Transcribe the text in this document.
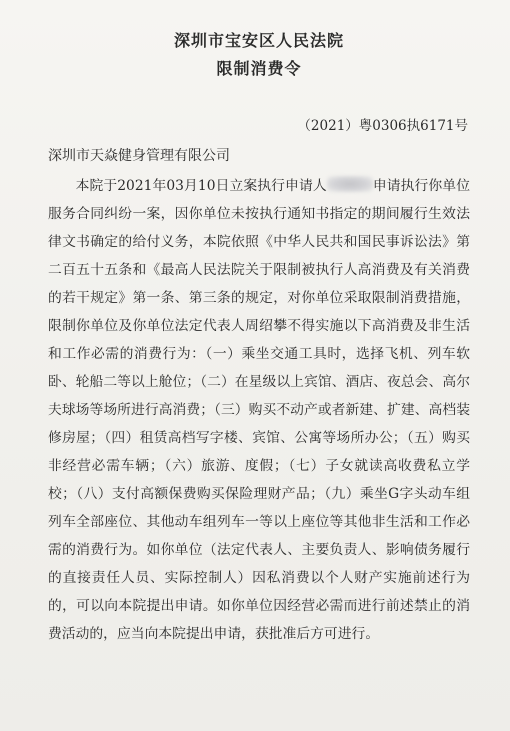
深圳市宝安区人民法院
限制消费令
（2021）粤0306执6171号
深圳市天焱健身管理有限公司

本院于2021年03月10日立案执行申请人	申请执行你单位服务合同纠纷一案，因你单位未按执行通知书指定的期间履行生效法律文书确定的给付义务，本院依照《中华人民共和国民事诉讼法》第二百五十五条和《最高人民法院关于限制被执行人高消费及有关消费的若干规定》第一条、第三条的规定，对你单位采取限制消费措施，限制你单位及你单位法定代表人周绍攀不得实施以下高消费及非生活和工作必需的消费行为：（一）乘坐交通工具时，选择飞机、列车软卧、轮船二等以上舱位；（二）在星级以上宾馆、酒店、夜总会、高尔夫球场等场所进行高消费；（三）购买不动产或者新建、扩建、高档装修房屋；（四）租赁高档写字楼、宾馆、公寓等场所办公；（五）购买非经营必需车辆；（六）旅游、度假；（七）子女就读高收费私立学校；（八）支付高额保费购买保险理财产品；（九）乘坐G字头动车组列车全部座位、其他动车组列车一等以上座位等其他非生活和工作必需的消费行为。如你单位（法定代表人、主要负责人、影响债务履行的直接责任人员、实际控制人）因私消费以个人财产实施前述行为的，可以向本院提出申请。如你单位因经营必需而进行前述禁止的消费活动的，应当向本院提出申请，获批准后方可进行。
